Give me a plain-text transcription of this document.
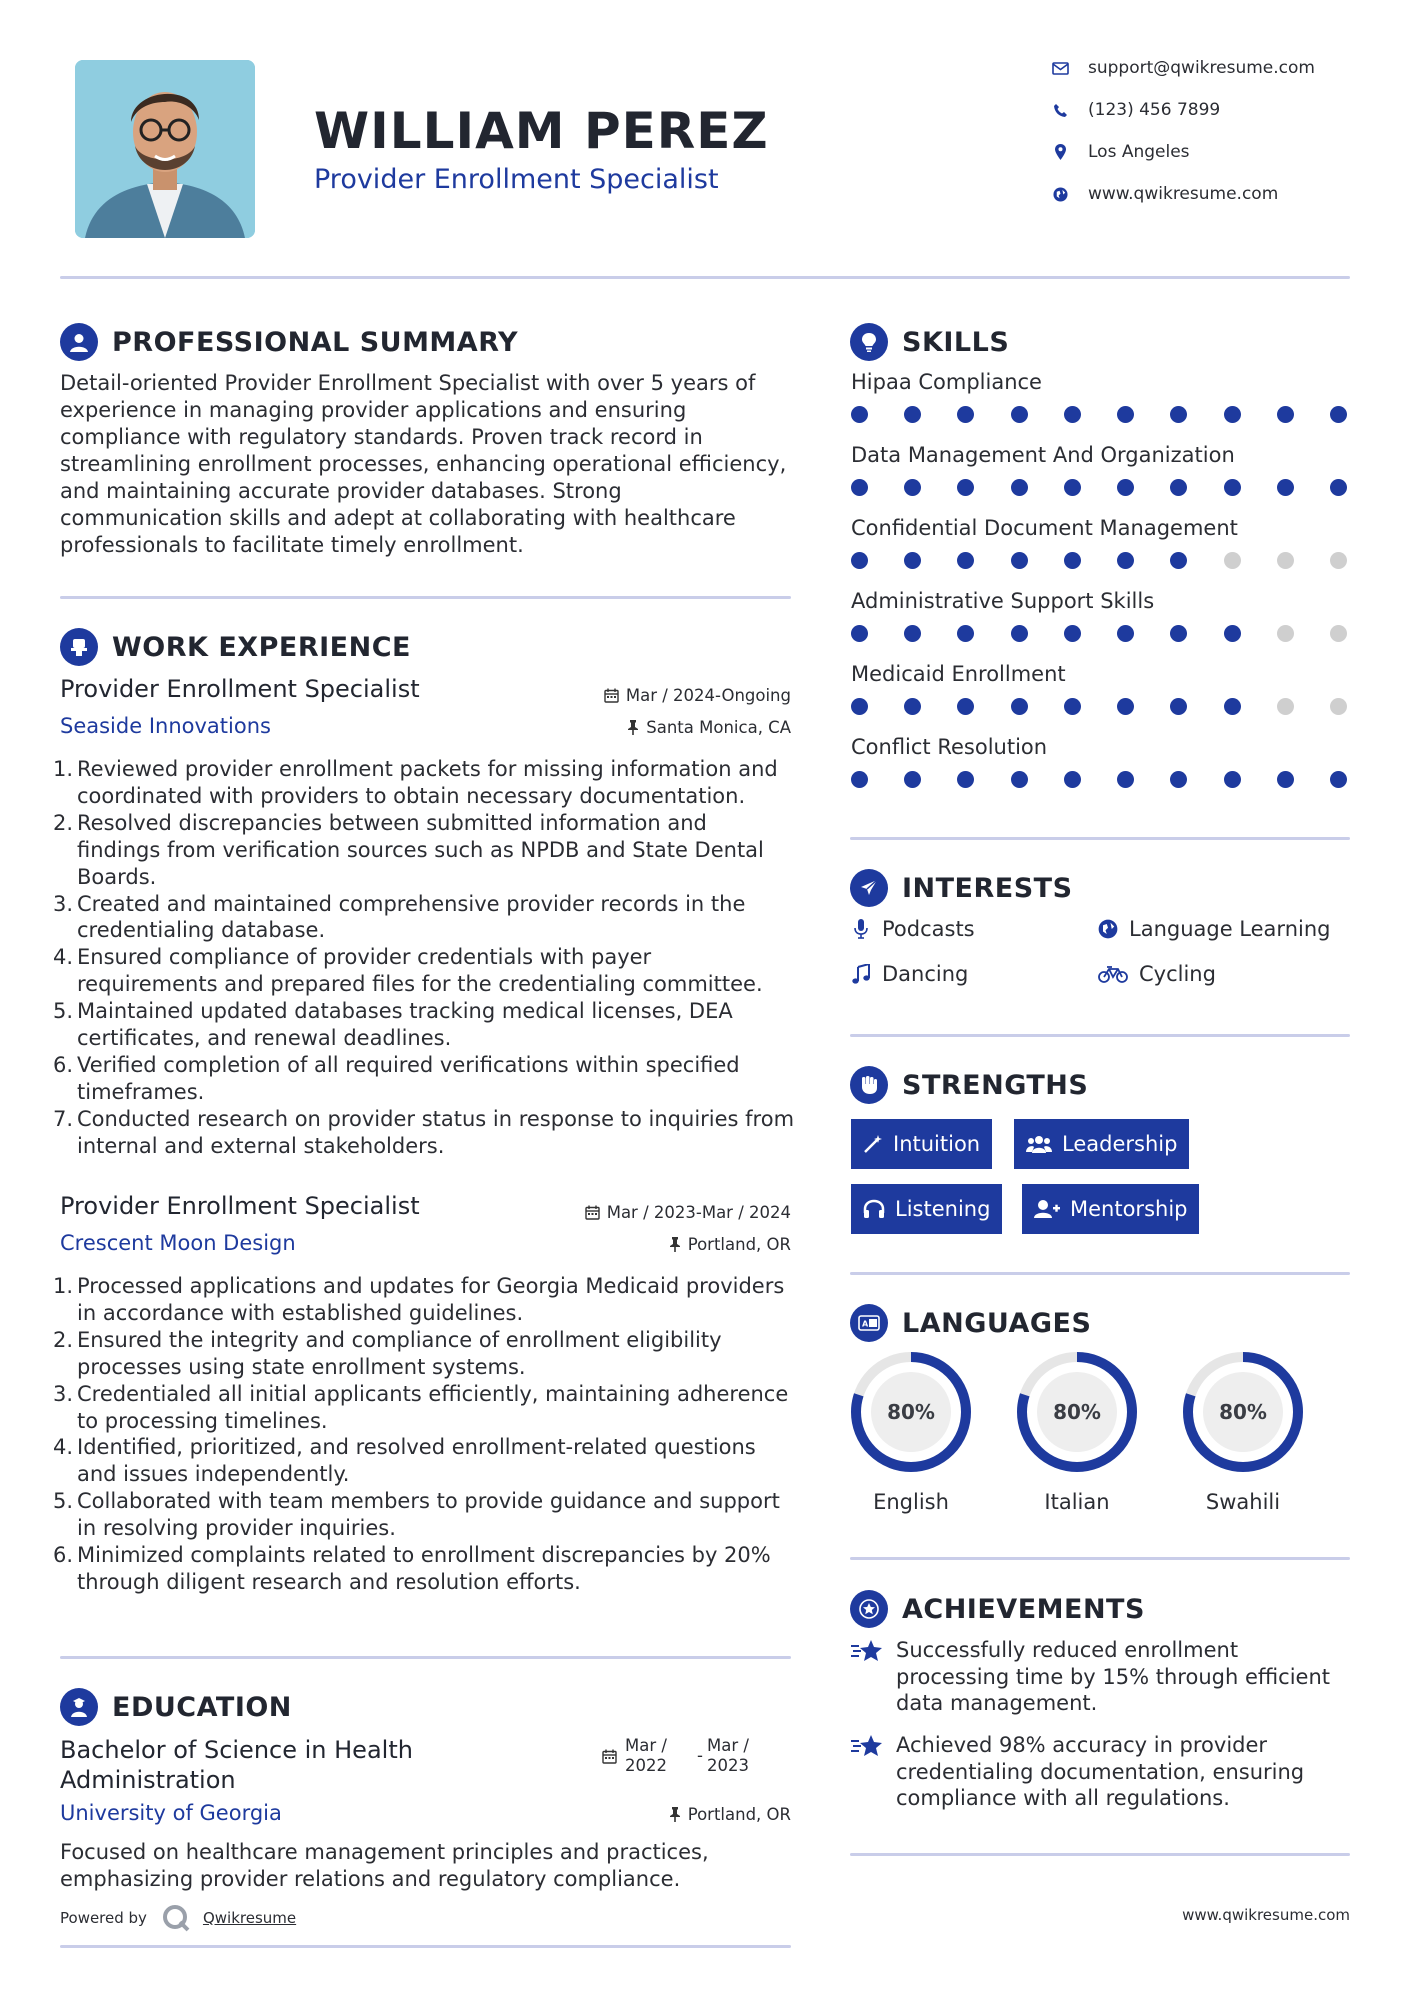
WILLIAM PEREZ
Provider Enrollment Specialist
support@qwikresume.com
(123) 456 7899
Los Angeles
www.qwikresume.com
PROFESSIONAL SUMMARY
Detail-oriented Provider Enrollment Specialist with over 5 years of
experience in managing provider applications and ensuring
compliance with regulatory standards. Proven track record in
streamlining enrollment processes, enhancing operational efficiency,
and maintaining accurate provider databases. Strong
communication skills and adept at collaborating with healthcare
professionals to facilitate timely enrollment.
WORK EXPERIENCE
Provider Enrollment Specialist	Mar / 2024-Ongoing
Seaside Innovations	Santa Monica, CA
1. Reviewed provider enrollment packets for missing information and
coordinated with providers to obtain necessary documentation.
2. Resolved discrepancies between submitted information and
findings from verification sources such as NPDB and State Dental
Boards.
3. Created and maintained comprehensive provider records in the
credentialing database.
4. Ensured compliance of provider credentials with payer
requirements and prepared files for the credentialing committee.
5. Maintained updated databases tracking medical licenses, DEA
certificates, and renewal deadlines.
6. Verified completion of all required verifications within specified
timeframes.
7. Conducted research on provider status in response to inquiries from
internal and external stakeholders.
Provider Enrollment Specialist	Mar / 2023-Mar / 2024
Crescent Moon Design	Portland, OR
1. Processed applications and updates for Georgia Medicaid providers
in accordance with established guidelines.
2. Ensured the integrity and compliance of enrollment eligibility
processes using state enrollment systems.
3. Credentialed all initial applicants efficiently, maintaining adherence
to processing timelines.
4. Identified, prioritized, and resolved enrollment-related questions
and issues independently.
5. Collaborated with team members to provide guidance and support
in resolving provider inquiries.
6. Minimized complaints related to enrollment discrepancies by 20%
through diligent research and resolution efforts.
EDUCATION
Bachelor of Science in Health
Administration
Mar /
2022
-
Mar /
2023
University of Georgia	Portland, OR
Focused on healthcare management principles and practices,
emphasizing provider relations and regulatory compliance.
Powered by	Qwikresume
SKILLS
Hipaa Compliance
Data Management And Organization
Confidential Document Management
Administrative Support Skills
Medicaid Enrollment
Conflict Resolution
INTERESTS
Podcasts	Language Learning
Dancing	Cycling
STRENGTHS
Intuition	Leadership
Listening	Mentorship
A LANGUAGES
80%
English
80%
Italian
80%
Swahili
ACHIEVEMENTS
Successfully reduced enrollment
processing time by 15% through efficient
data management.
Achieved 98% accuracy in provider
credentialing documentation, ensuring
compliance with all regulations.
www.qwikresume.com
